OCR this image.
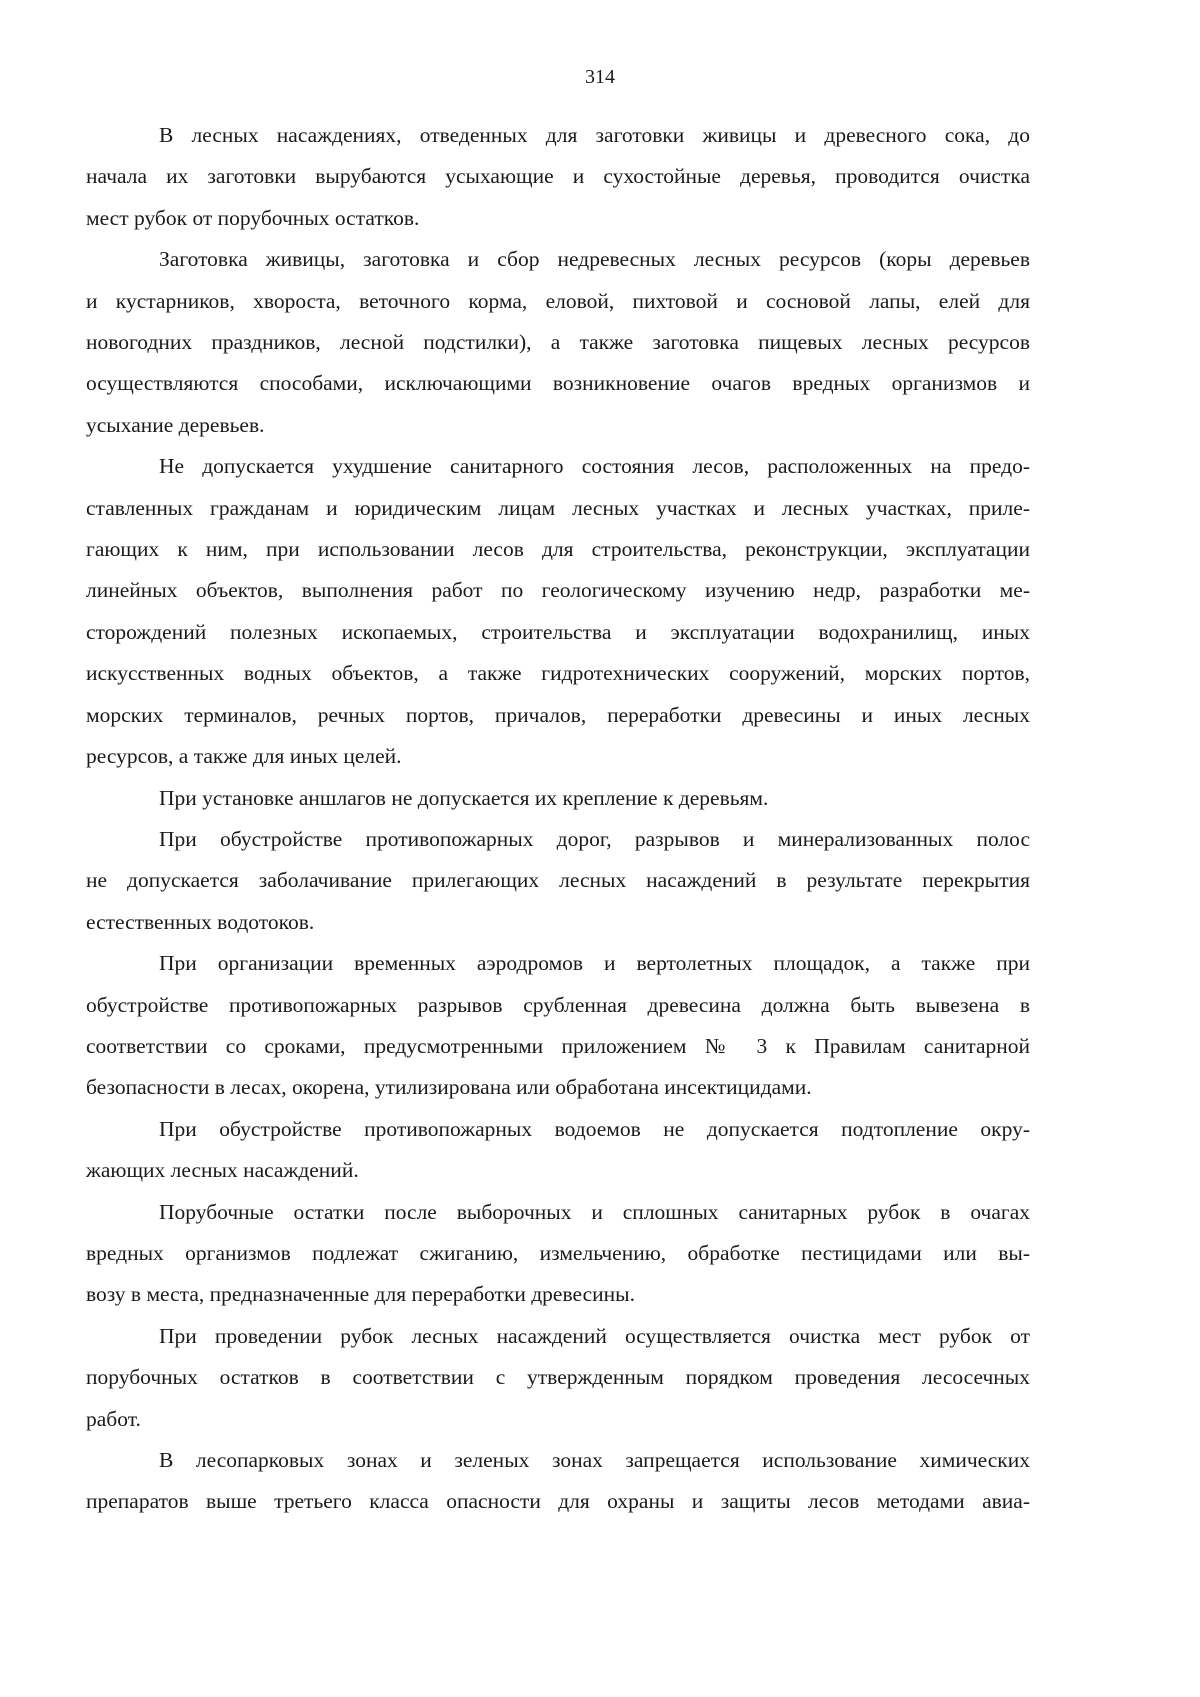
314
В лесных насаждениях, отведенных для заготовки живицы и древесного сока, до
начала их заготовки вырубаются усыхающие и сухостойные деревья, проводится очистка
мест рубок от порубочных остатков.
Заготовка живицы, заготовка и сбор недревесных лесных ресурсов (коры деревьев
и кустарников, хвороста, веточного корма, еловой, пихтовой и сосновой лапы, елей для
новогодних праздников, лесной подстилки), а также заготовка пищевых лесных ресурсов
осуществляются способами, исключающими возникновение очагов вредных организмов и
усыхание деревьев.
Не допускается ухудшение санитарного состояния лесов, расположенных на предо-
ставленных гражданам и юридическим лицам лесных участках и лесных участках, приле-
гающих к ним, при использовании лесов для строительства, реконструкции, эксплуатации
линейных объектов, выполнения работ по геологическому изучению недр, разработки ме-
сторождений полезных ископаемых, строительства и эксплуатации водохранилищ, иных
искусственных водных объектов, а также гидротехнических сооружений, морских портов,
морских терминалов, речных портов, причалов, переработки древесины и иных лесных
ресурсов, а также для иных целей.
При установке аншлагов не допускается их крепление к деревьям.
При обустройстве противопожарных дорог, разрывов и минерализованных полос
не допускается заболачивание прилегающих лесных насаждений в результате перекрытия
естественных водотоков.
При организации временных аэродромов и вертолетных площадок, а также при
обустройстве противопожарных разрывов срубленная древесина должна быть вывезена в
соответствии со сроками, предусмотренными приложением № 3 к Правилам санитарной
безопасности в лесах, окорена, утилизирована или обработана инсектицидами.
При обустройстве противопожарных водоемов не допускается подтопление окру-
жающих лесных насаждений.
Порубочные остатки после выборочных и сплошных санитарных рубок в очагах
вредных организмов подлежат сжиганию, измельчению, обработке пестицидами или вы-
возу в места, предназначенные для переработки древесины.
При проведении рубок лесных насаждений осуществляется очистка мест рубок от
порубочных остатков в соответствии с утвержденным порядком проведения лесосечных
работ.
В лесопарковых зонах и зеленых зонах запрещается использование химических
препаратов выше третьего класса опасности для охраны и защиты лесов методами авиа-
